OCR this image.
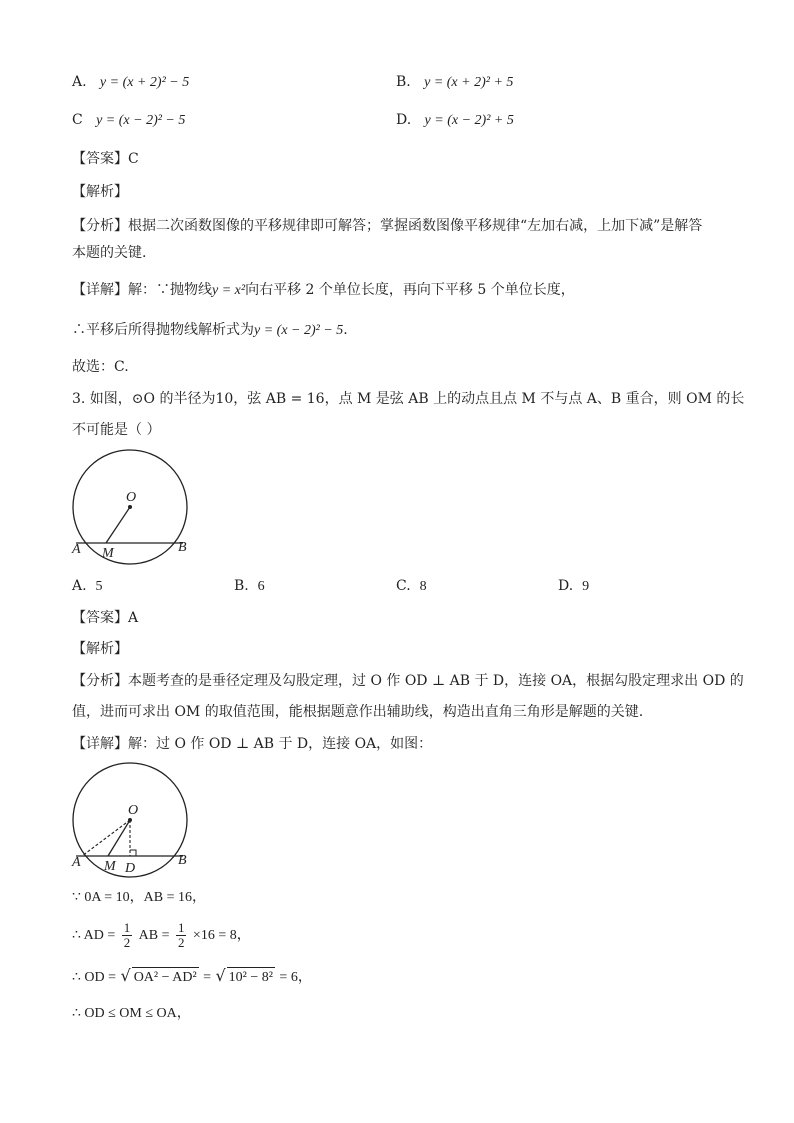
A. y = (x + 2)² − 5	B. y = (x + 2)² + 5
C y = (x − 2)² − 5	D. y = (x − 2)² + 5
【答案】C
【解析】
【分析】根据二次函数图像的平移规律即可解答；掌握函数图像平移规律“左加右减，上加下减”是解答
本题的关键.
【详解】解：∵抛物线y = x²向右平移 2 个单位长度，再向下平移 5 个单位长度，
∴平移后所得抛物线解析式为y = (x − 2)² − 5.
故选：C.
3. 如图，⊙O 的半径为10，弦 AB = 16，点 M 是弦 AB 上的动点且点 M 不与点 A、B 重合，则 OM 的长
不可能是（ ）
O
A M	B
A. 5	B. 6	C. 8	D. 9
【答案】A
【解析】
【分析】本题考查的是垂径定理及勾股定理，过 O 作 OD ⊥ AB 于 D，连接 OA，根据勾股定理求出 OD 的
值，进而可求出 OM 的取值范围，能根据题意作出辅助线，构造出直角三角形是解题的关键.
【详解】解：过 O 作 OD ⊥ AB 于 D，连接 OA，如图：
O
A M D
B
∵ 0A = 10，AB = 16，
∴ AD = $\frac{1}{2}$ AB = $\frac{1}{2} \times 16 = 8$，
∴ OD = √ OA² − AD² = √ 10² − 8² = 6，
∴ OD ≤ OM ≤ OA，
